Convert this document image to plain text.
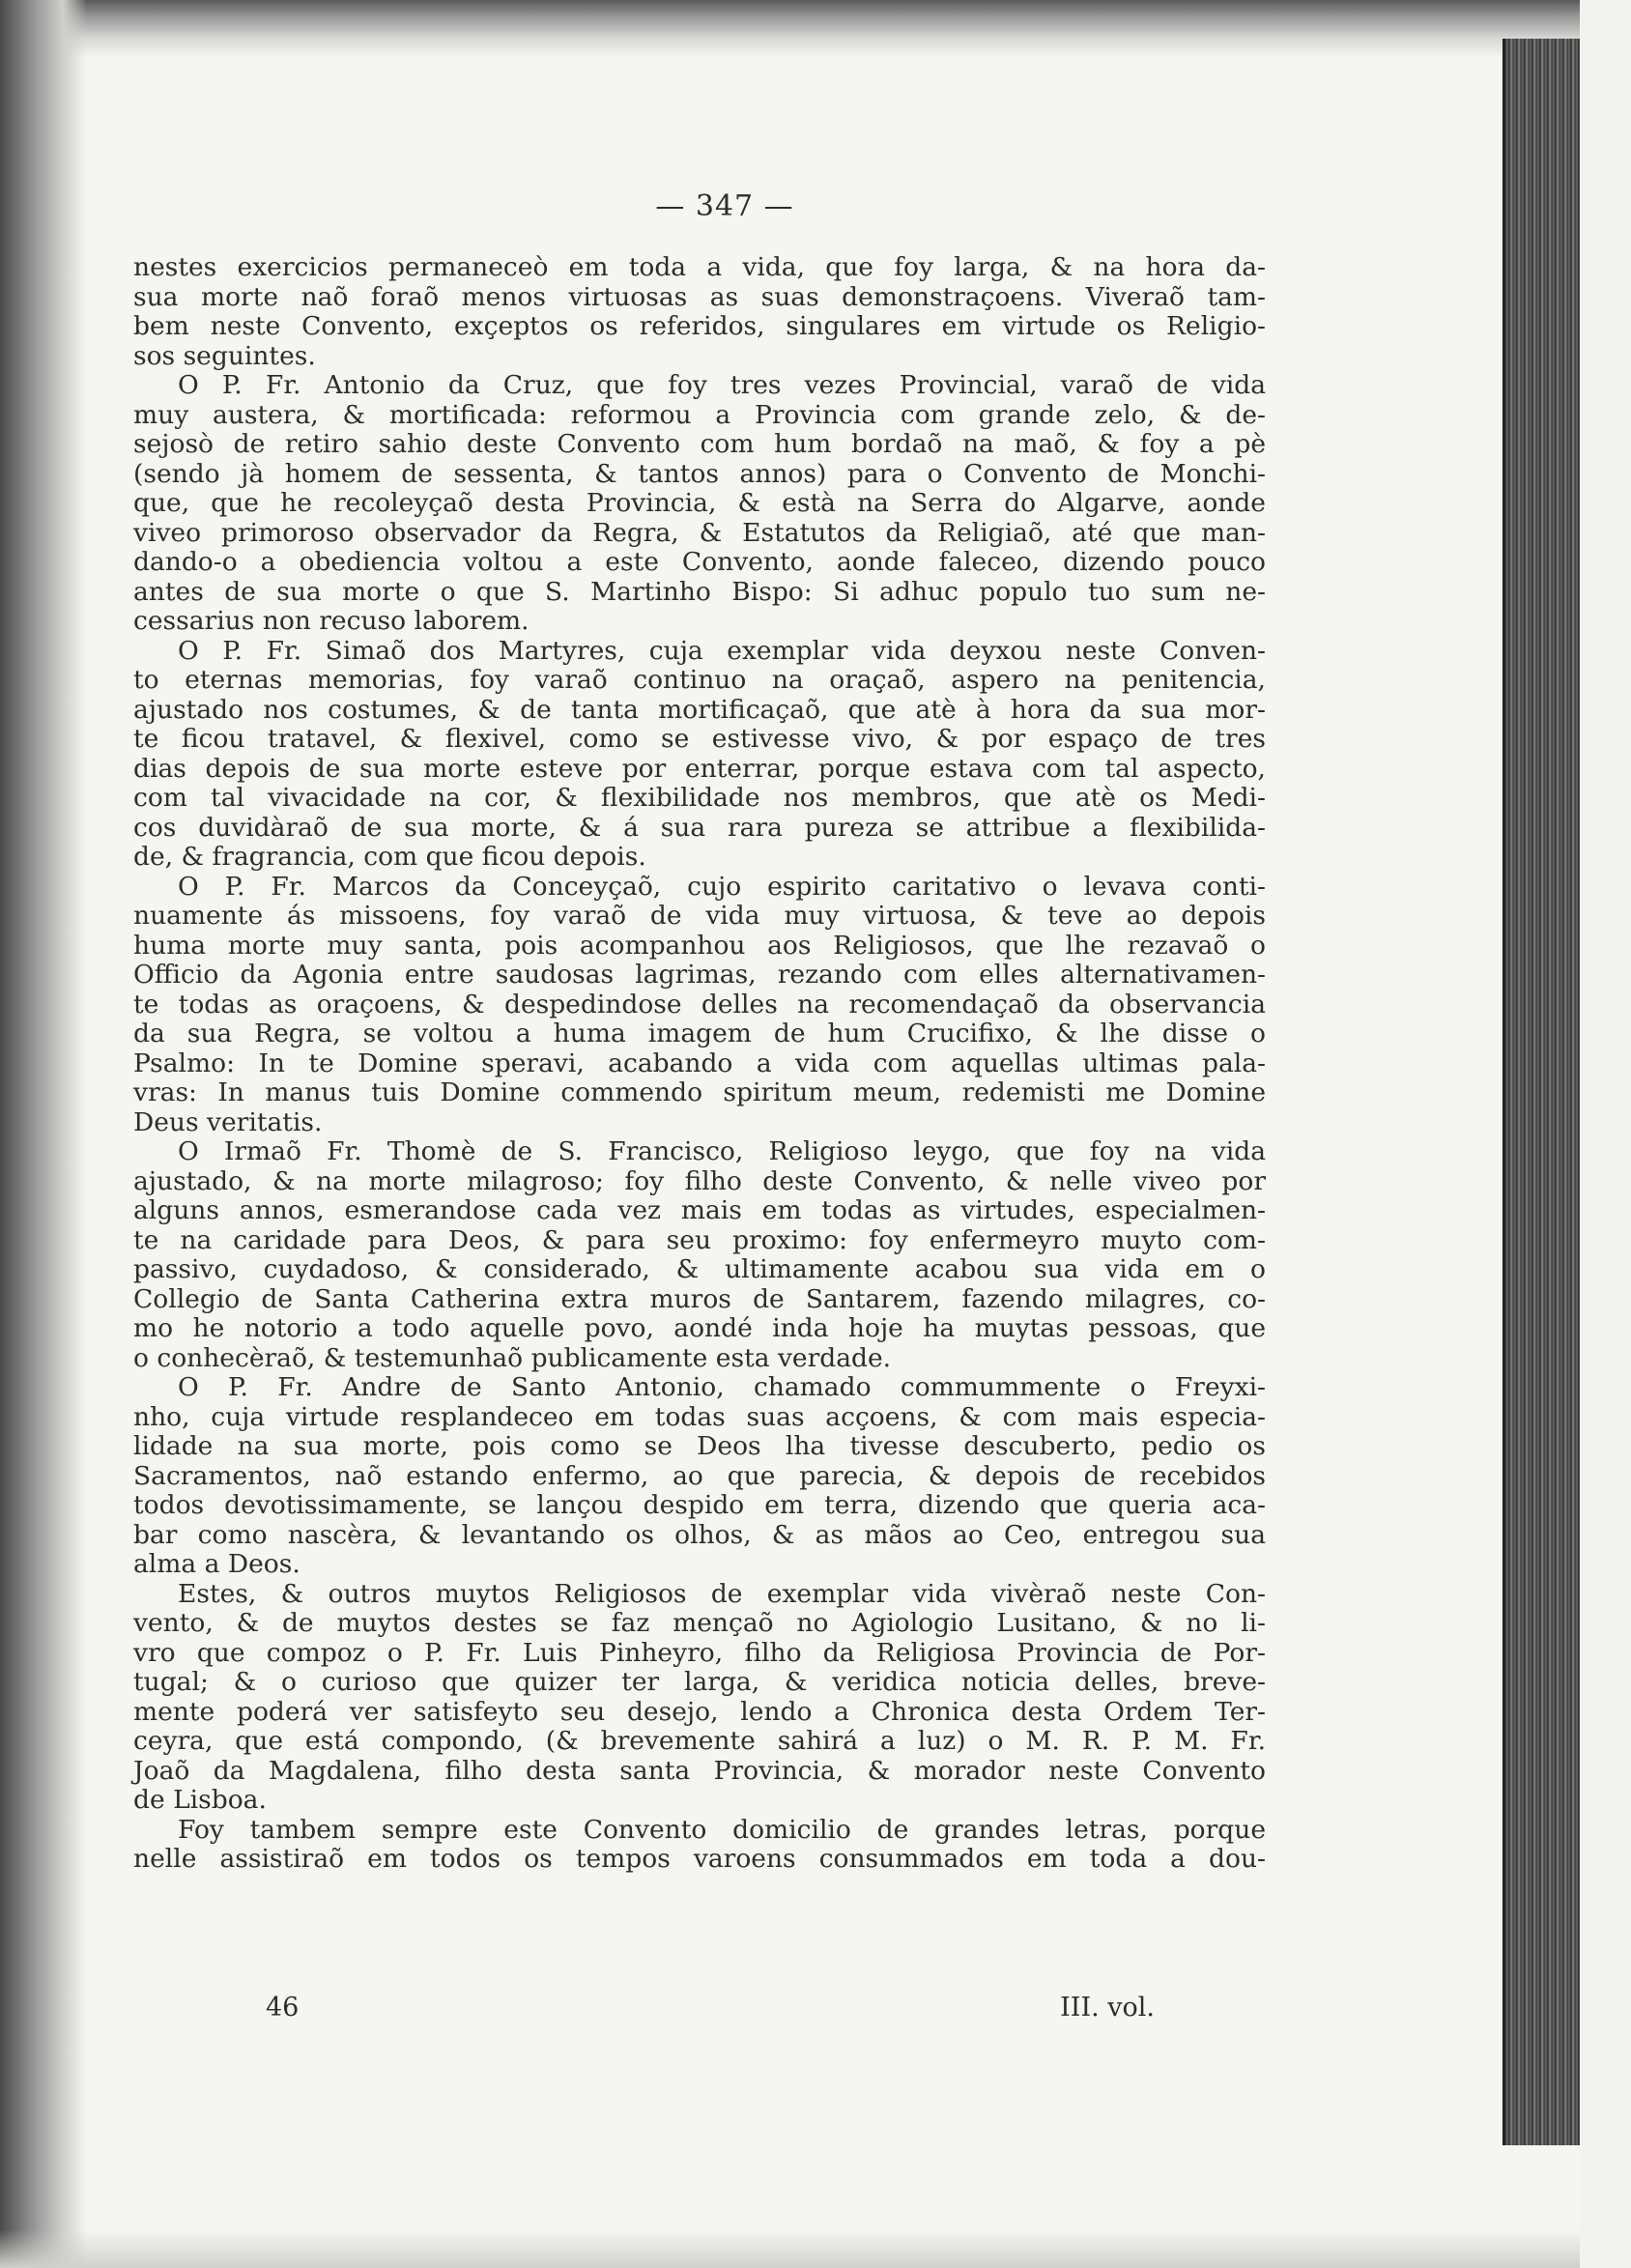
— 347 —
nestes exercicios permaneceò em toda a vida, que foy larga, & na hora da-
sua morte naõ foraõ menos virtuosas as suas demonstraçoens. Viveraõ tam-
bem neste Convento, exçeptos os referidos, singulares em virtude os Religio-
sos seguintes.
O P. Fr. Antonio da Cruz, que foy tres vezes Provincial, varaõ de vida
muy austera, & mortificada: reformou a Provincia com grande zelo, & de-
sejosò de retiro sahio deste Convento com hum bordaõ na maõ, & foy a pè
(sendo jà homem de sessenta, & tantos annos) para o Convento de Monchi-
que, que he recoleyçaõ desta Provincia, & està na Serra do Algarve, aonde
viveo primoroso observador da Regra, & Estatutos da Religiaõ, até que man-
dando-o a obediencia voltou a este Convento, aonde faleceo, dizendo pouco
antes de sua morte o que S. Martinho Bispo: Si adhuc populo tuo sum ne-
cessarius non recuso laborem.
O P. Fr. Simaõ dos Martyres, cuja exemplar vida deyxou neste Conven-
to eternas memorias, foy varaõ continuo na oraçaõ, aspero na penitencia,
ajustado nos costumes, & de tanta mortificaçaõ, que atè à hora da sua mor-
te ficou tratavel, & flexivel, como se estivesse vivo, & por espaço de tres
dias depois de sua morte esteve por enterrar, porque estava com tal aspecto,
com tal vivacidade na cor, & flexibilidade nos membros, que atè os Medi-
cos duvidàraõ de sua morte, & á sua rara pureza se attribue a flexibilida-
de, & fragrancia, com que ficou depois.
O P. Fr. Marcos da Conceyçaõ, cujo espirito caritativo o levava conti-
nuamente ás missoens, foy varaõ de vida muy virtuosa, & teve ao depois
huma morte muy santa, pois acompanhou aos Religiosos, que lhe rezavaõ o
Officio da Agonia entre saudosas lagrimas, rezando com elles alternativamen-
te todas as oraçoens, & despedindose delles na recomendaçaõ da observancia
da sua Regra, se voltou a huma imagem de hum Crucifixo, & lhe disse o
Psalmo: In te Domine speravi, acabando a vida com aquellas ultimas pala-
vras: In manus tuis Domine commendo spiritum meum, redemisti me Domine
Deus veritatis.
O Irmaõ Fr. Thomè de S. Francisco, Religioso leygo, que foy na vida
ajustado, & na morte milagroso; foy filho deste Convento, & nelle viveo por
alguns annos, esmerandose cada vez mais em todas as virtudes, especialmen-
te na caridade para Deos, & para seu proximo: foy enfermeyro muyto com-
passivo, cuydadoso, & considerado, & ultimamente acabou sua vida em o
Collegio de Santa Catherina extra muros de Santarem, fazendo milagres, co-
mo he notorio a todo aquelle povo, aondé inda hoje ha muytas pessoas, que
o conhecèraõ, & testemunhaõ publicamente esta verdade.
O P. Fr. Andre de Santo Antonio, chamado commummente o Freyxi-
nho, cuja virtude resplandeceo em todas suas acçoens, & com mais especia-
lidade na sua morte, pois como se Deos lha tivesse descuberto, pedio os
Sacramentos, naõ estando enfermo, ao que parecia, & depois de recebidos
todos devotissimamente, se lançou despido em terra, dizendo que queria aca-
bar como nascèra, & levantando os olhos, & as mãos ao Ceo, entregou sua
alma a Deos.
Estes, & outros muytos Religiosos de exemplar vida vivèraõ neste Con-
vento, & de muytos destes se faz mençaõ no Agiologio Lusitano, & no li-
vro que compoz o P. Fr. Luis Pinheyro, filho da Religiosa Provincia de Por-
tugal; & o curioso que quizer ter larga, & veridica noticia delles, breve-
mente poderá ver satisfeyto seu desejo, lendo a Chronica desta Ordem Ter-
ceyra, que está compondo, (& brevemente sahirá a luz) o M. R. P. M. Fr.
Joaõ da Magdalena, filho desta santa Provincia, & morador neste Convento
de Lisboa.
Foy tambem sempre este Convento domicilio de grandes letras, porque
nelle assistiraõ em todos os tempos varoens consummados em toda a dou-
46	III. vol.
